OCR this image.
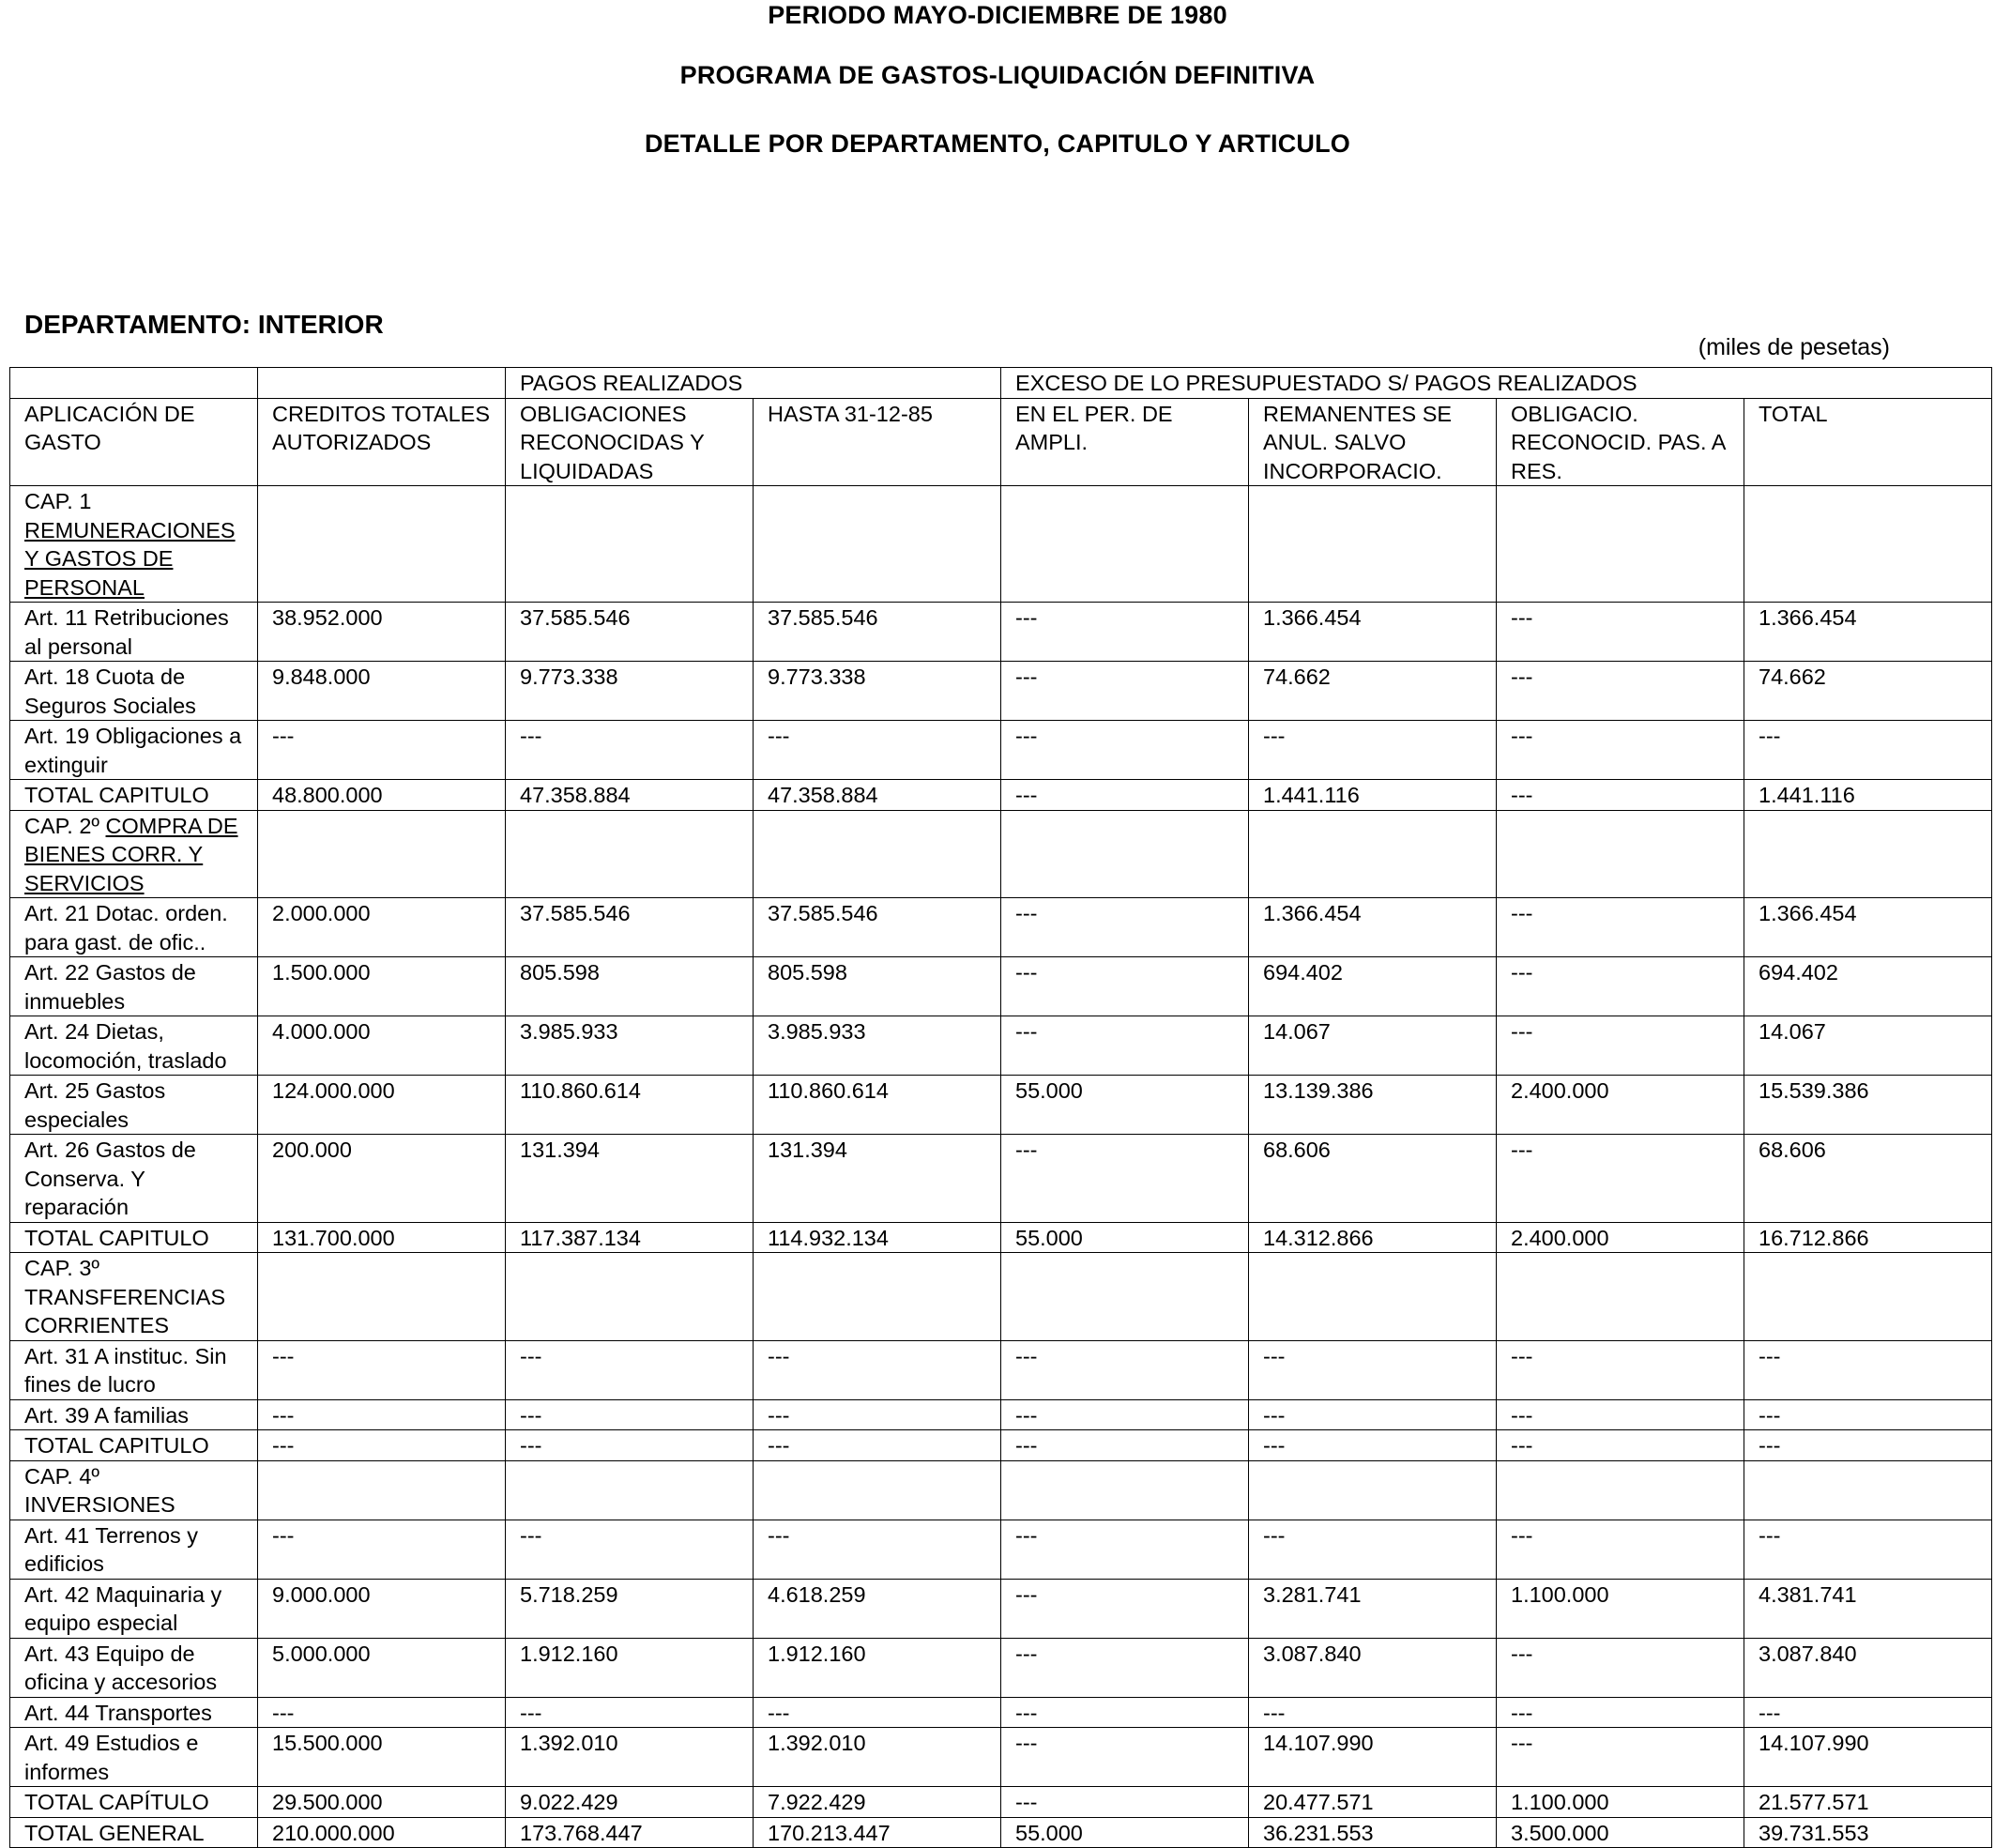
PERIODO MAYO-DICIEMBRE DE 1980
PROGRAMA DE GASTOS-LIQUIDACIÓN DEFINITIVA
DETALLE POR DEPARTAMENTO, CAPITULO Y ARTICULO
DEPARTAMENTO: INTERIOR
(miles de pesetas)
		PAGOS REALIZADOS		EXCESO DE LO PRESUPUESTADO S/ PAGOS REALIZADOS			
APLICACIÓN DE GASTO	CREDITOS TOTALES AUTORIZADOS	OBLIGACIONES RECONOCIDAS Y LIQUIDADAS	HASTA 31-12-85	EN EL PER. DE AMPLI.	REMANENTES SE ANUL. SALVO INCORPORACIO.	OBLIGACIO. RECONOCID. PAS. A RES.	TOTAL
CAP. 1 REMUNERACIONES Y GASTOS DE PERSONAL							
Art. 11 Retribuciones al personal	38.952.000	37.585.546	37.585.546	---	1.366.454	---	1.366.454
Art. 18 Cuota de Seguros Sociales	9.848.000	9.773.338	9.773.338	---	74.662	---	74.662
Art. 19 Obligaciones a extinguir	---	---	---	---	---	---	---
TOTAL CAPITULO	48.800.000	47.358.884	47.358.884	---	1.441.116	---	1.441.116
CAP. 2º COMPRA DE BIENES CORR. Y SERVICIOS							
Art. 21 Dotac. orden. para gast. de ofic..	2.000.000	37.585.546	37.585.546	---	1.366.454	---	1.366.454
Art. 22 Gastos de inmuebles	1.500.000	805.598	805.598	---	694.402	---	694.402
Art. 24 Dietas, locomoción, traslado	4.000.000	3.985.933	3.985.933	---	14.067	---	14.067
Art. 25 Gastos especiales	124.000.000	110.860.614	110.860.614	55.000	13.139.386	2.400.000	15.539.386
Art. 26 Gastos de Conserva. Y reparación	200.000	131.394	131.394	---	68.606	---	68.606
TOTAL CAPITULO	131.700.000	117.387.134	114.932.134	55.000	14.312.866	2.400.000	16.712.866
CAP. 3º TRANSFERENCIAS CORRIENTES							
Art. 31 A instituc. Sin fines de lucro	---	---	---	---	---	---	---
Art. 39 A familias	---	---	---	---	---	---	---
TOTAL CAPITULO	---	---	---	---	---	---	---
CAP. 4º INVERSIONES							
Art. 41 Terrenos y edificios	---	---	---	---	---	---	---
Art. 42 Maquinaria y equipo especial	9.000.000	5.718.259	4.618.259	---	3.281.741	1.100.000	4.381.741
Art. 43 Equipo de oficina y accesorios	5.000.000	1.912.160	1.912.160	---	3.087.840	---	3.087.840
Art. 44 Transportes	---	---	---	---	---	---	---
Art. 49 Estudios e informes	15.500.000	1.392.010	1.392.010	---	14.107.990	---	14.107.990
TOTAL CAPÍTULO	29.500.000	9.022.429	7.922.429	---	20.477.571	1.100.000	21.577.571
TOTAL GENERAL	210.000.000	173.768.447	170.213.447	55.000	36.231.553	3.500.000	39.731.553
